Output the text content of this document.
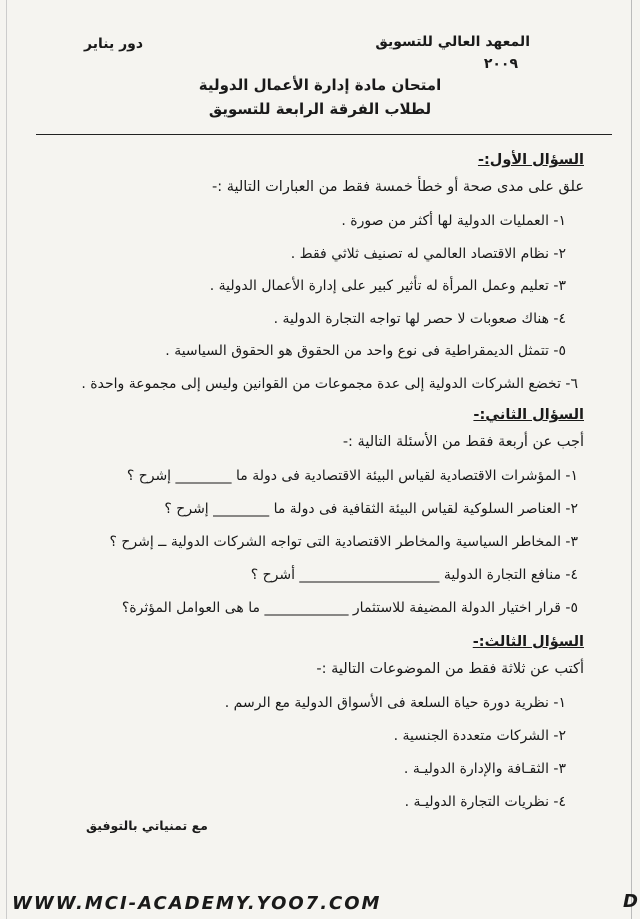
المعهد العالي للتسويق
٢٠٠٩
دور يناير
امتحان مادة إدارة الأعمال الدولية
لطلاب الفرقة الرابعة للتسويق
السؤال الأول:-
علق على مدى صحة أو خطأ خمسة فقط من العبارات التالية :-
١- العمليات الدولية لها أكثر من صورة .
٢- نظام الاقتصاد العالمي له تصنيف ثلاثي فقط .
٣- تعليم وعمل المرأة له تأثير كبير على إدارة الأعمال الدولية .
٤- هناك صعوبات لا حصر لها تواجه التجارة الدولية .
٥- تتمثل الديمقراطية فى نوع واحد من الحقوق هو الحقوق السياسية .
٦- تخضع الشركات الدولية إلى عدة مجموعات من القوانين وليس إلى مجموعة واحدة .
السؤال الثاني:-
أجب عن أربعة فقط من الأسئلة التالية :-
١- المؤشرات الاقتصادية لقياس البيئة الاقتصادية فى دولة ما ________ إشرح ؟
٢- العناصر السلوكية لقياس البيئة الثقافية فى دولة ما ________ إشرح ؟
٣- المخاطر السياسية والمخاطر الاقتصادية التى تواجه الشركات الدولية ــ إشرح ؟
٤- منافع التجارة الدولية ____________________ أشرح ؟
٥- قرار اختيار الدولة المضيفة للاستثمار ____________ ما هى العوامل المؤثرة؟
السؤال الثالث:-
أكتب عن ثلاثة فقط من الموضوعات التالية :-
١- نظرية دورة حياة السلعة فى الأسواق الدولية مع الرسم .
٢- الشركات متعددة الجنسية .
٣- الثقـافة والإدارة الدوليـة .
٤- نظريات التجارة الدوليـة .
مع تمنياتي بالتوفيق
WWW.MCI-ACADEMY.YOO7.COM	D
